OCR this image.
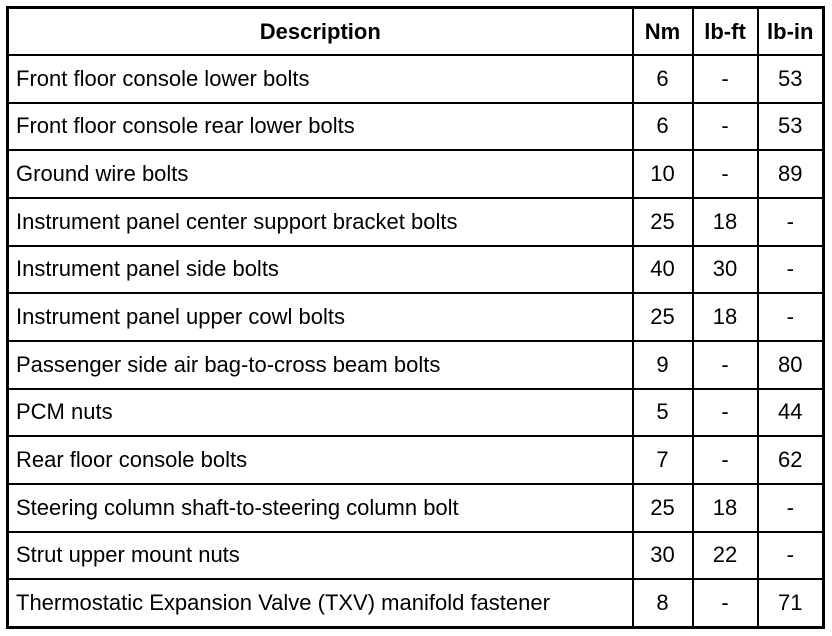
Description	Nm	lb-ft	lb-in
Front floor console lower bolts	6	-	53
Front floor console rear lower bolts	6	-	53
Ground wire bolts	10	-	89
Instrument panel center support bracket bolts	25	18	-
Instrument panel side bolts	40	30	-
Instrument panel upper cowl bolts	25	18	-
Passenger side air bag-to-cross beam bolts	9	-	80
PCM nuts	5	-	44
Rear floor console bolts	7	-	62
Steering column shaft-to-steering column bolt	25	18	-
Strut upper mount nuts	30	22	-
Thermostatic Expansion Valve (TXV) manifold fastener	8	-	71
